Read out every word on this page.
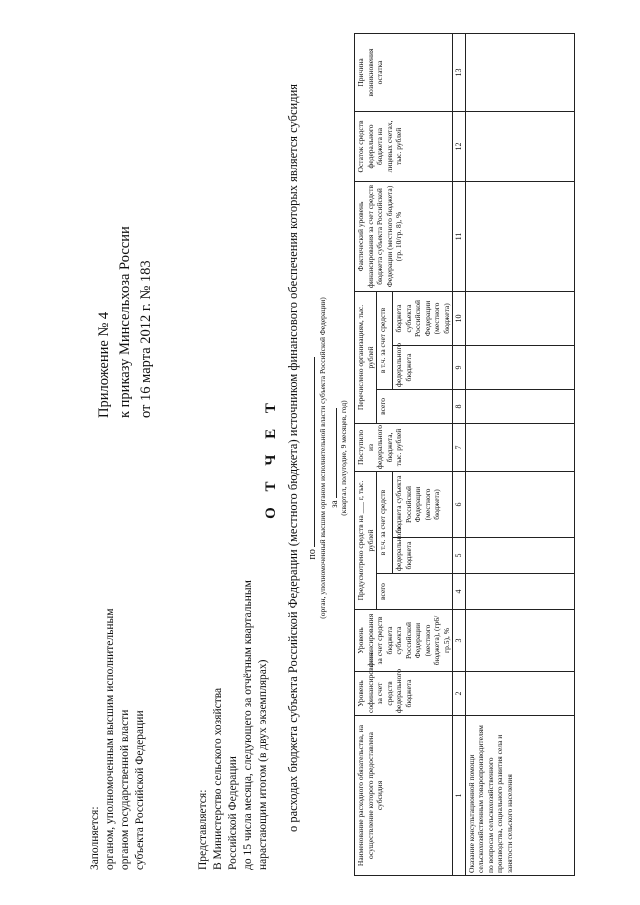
Заполняется: органом, уполномоченным высшим исполнительным органом государственной власти субъекта Российской Федерации
Приложение № 4 к приказу Минсельхоза России от 16 марта 2012 г. № 183
Представляется: В Министерство сельского хозяйства Российской Федерации до 15 числа месяца, следующего за отчётным квартальным нарастающим итогом (в двух экземплярах)
О Т Ч Е Т о расходах бюджета субъекта Российской Федерации (местного бюджета) источником финансового обеспечения которых является субсидия по (орган, уполномоченный высшим органом исполнительной власти субъекта Российской Федерации) за (квартал, полугодие, 9 месяцев, год)
Наименование расходного обязательства, на осуществление которого предоставлена субсидия	Уровень софинансирования за счет средств федерального бюджета	Уровень финансирования за счет средств бюджета субъекта Российской Федерации (местного бюджета), (гр6/гр.5), %	Предусмотрено средств на ___ г, тыс. рублей			Поступило из федерального бюджета, тыс. рублей	Перечислено организациям, тыс. рублей			Фактический уровень финансирования за счет средств бюджета субъекта Российской Федерации (местного бюджета) (гр. 10/гр. 8), %	Остаток средств федерального бюджета на лицевых счетах, тыс. рублей	Причина возникновения остатка
			всего	в т.ч. за счет средств			всего	в т.ч. за счет средств				
				федерального бюджета	бюджета субъекта Российской Федерации (местного бюджета)			федерального бюджета	бюджета субъекта Российской Федерации (местного бюджета)			
1	2	3	4	5	6	7	8	9	10	11	12	13
Оказание консультационной помощи сельскохозяйственным товаропроизводителям по вопросам сельскохозяйственного производства, социального развития села и занятости сельского населения												
